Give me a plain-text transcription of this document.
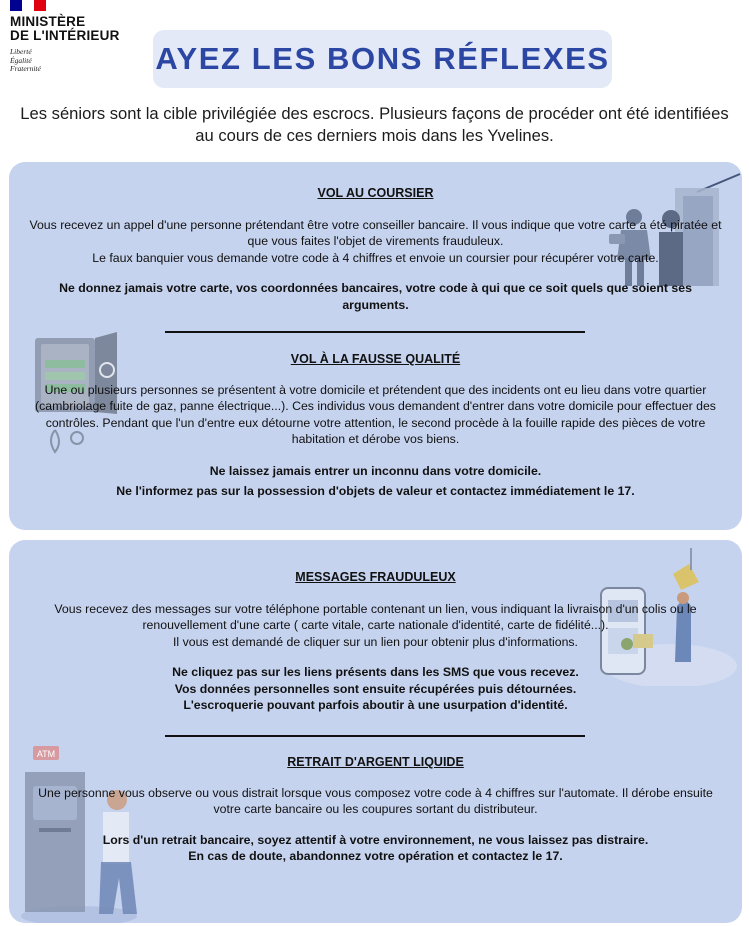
MINISTÈRE
DE L'INTÉRIEUR
Liberté
Égalité
Fraternité	AYEZ LES BONS RÉFLEXES
Les séniors sont la cible privilégiée des escrocs. Plusieurs façons de procéder ont été identifiées au cours de ces derniers mois dans les Yvelines.

VOL AU COURSIER

Vous recevez un appel d'une personne prétendant être votre conseiller bancaire. Il vous indique que votre carte a été piratée et que vous faites l'objet de virements frauduleux.

Le faux banquier vous demande votre code à 4 chiffres et envoie un coursier pour récupérer votre carte.

Ne donnez jamais votre carte, vos coordonnées bancaires, votre code à qui que ce soit quels que soient ses arguments.

VOL À LA FAUSSE QUALITÉ

Une ou plusieurs personnes se présentent à votre domicile et prétendent que des incidents ont eu lieu dans votre quartier (cambriolage fuite de gaz, panne électrique...). Ces individus vous demandent d'entrer dans votre domicile pour effectuer des contrôles. Pendant que l'un d'entre eux détourne votre attention, le second procède à la fouille rapide des pièces de votre habitation et dérobe vos biens.

Ne laissez jamais entrer un inconnu dans votre domicile.

Ne l'informez pas sur la possession d'objets de valeur et contactez immédiatement le 17.

ATM

MESSAGES FRAUDULEUX

Vous recevez des messages sur votre téléphone portable contenant un lien, vous indiquant la livraison d'un colis ou le renouvellement d'une carte ( carte vitale, carte nationale d'identité, carte de fidélité...).

Il vous est demandé de cliquer sur un lien pour obtenir plus d'informations.

Ne cliquez pas sur les liens présents dans les SMS que vous recevez.

Vos données personnelles sont ensuite récupérées puis détournées.

L'escroquerie pouvant parfois aboutir à une usurpation d'identité.

RETRAIT D'ARGENT LIQUIDE

Une personne vous observe ou vous distrait lorsque vous composez votre code à 4 chiffres sur l'automate. Il dérobe ensuite votre carte bancaire ou les coupures sortant du distributeur.

Lors d'un retrait bancaire, soyez attentif à votre environnement, ne vous laissez pas distraire.

En cas de doute, abandonnez votre opération et contactez le 17.
